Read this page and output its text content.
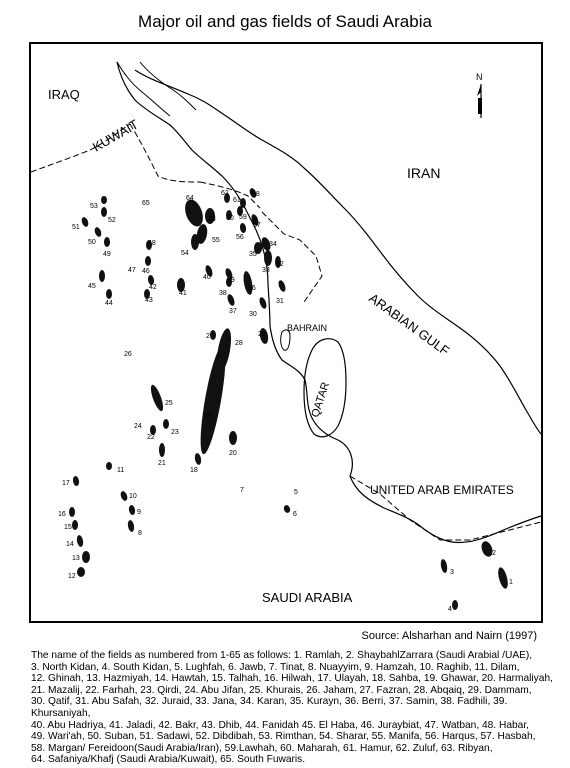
Major oil and gas fields of Saudi Arabia
N
IRAQ
KUWAIT
IRAN
BAHRAIN	ARABIAN GULF
QATAR
UNITED ARAB EMIRATES
SAUDI ARABIA
1
2
3
4
5
6
7
8
9
10
11
12
13
14
15
16
17
18
19
20
21
22
23
24
25
26
27
28
29
30
31
32
33
34
35
36
37
38
39
40
41
42
43
44
45
46
47
48
49
50
51
52
53
54
55 56
57
58
59
60
61
62
63
64
65
Source: Alsharhan and Nairn (1997)
The name of the fields as numbered from 1-65 as follows: 1. Ramlah, 2. ShaybahlZarrara (Saudi Arabial /UAE),
3. North Kidan, 4. South Kidan, 5. Lughfah, 6. Jawb, 7. Tinat, 8. Nuayyim, 9. Hamzah, 10. Raghib, 11. Dilam,
12. Ghinah, 13. Hazmiyah, 14. Hawtah, 15. Talhah, 16. Hilwah, 17. Ulayah, 18. Sahba, 19. Ghawar, 20. Harmaliyah,
21. Mazalij, 22. Farhah, 23. Qirdi, 24. Abu Jifan, 25. Khurais, 26. Jaham, 27. Fazran, 28. Abqaiq, 29. Dammam,
30. Qatif, 31. Abu Safah, 32. Juraid, 33. Jana, 34. Karan, 35. Kurayn, 36. Berri, 37. Samin, 38. Fadhili, 39. Khursaniyah,
40. Abu Hadriya, 41. Jaladi, 42. Bakr, 43. Dhib, 44. Fanidah 45. El Haba, 46. Juraybiat, 47. Watban, 48. Habar,
49. Wari'ah, 50. Suban, 51. Sadawi, 52. Dibdibah, 53. Rimthan, 54. Sharar, 55. Manifa, 56. Harqus, 57. Hasbah,
58. Margan/ Fereidoon(Saudi Arabia/Iran), 59.Lawhah, 60. Maharah, 61. Hamur, 62. Zuluf, 63. Ribyan,
64. Safaniya/Khafj (Saudi Arabia/Kuwait), 65. South Fuwaris.
